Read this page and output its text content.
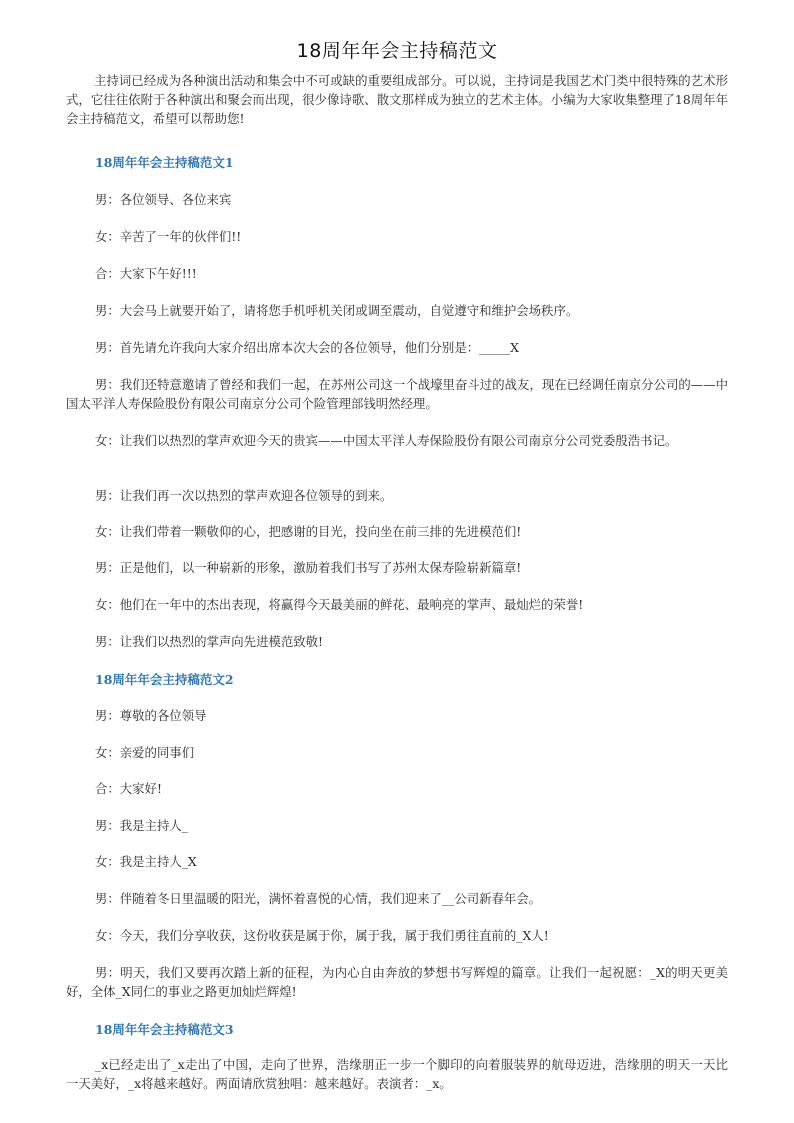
18周年年会主持稿范文

主持词已经成为各种演出活动和集会中不可或缺的重要组成部分。可以说，主持词是我国艺术门类中很特殊的艺术形式，它往往依附于各种演出和聚会而出现，很少像诗歌、散文那样成为独立的艺术主体。小编为大家收集整理了18周年年会主持稿范文，希望可以帮助您!

18周年年会主持稿范文1

男：各位领导、各位来宾

女：辛苦了一年的伙伴们!!

合：大家下午好!!!

男：大会马上就要开始了，请将您手机呼机关闭或调至震动，自觉遵守和维护会场秩序。

男：首先请允许我向大家介绍出席本次大会的各位领导，他们分别是：_____X

男：我们还特意邀请了曾经和我们一起，在苏州公司这一个战壕里奋斗过的战友，现在已经调任南京分公司的——中国太平洋人寿保险股份有限公司南京分公司个险管理部钱明然经理。

女：让我们以热烈的掌声欢迎今天的贵宾——中国太平洋人寿保险股份有限公司南京分公司党委殷浩书记。

男：让我们再一次以热烈的掌声欢迎各位领导的到来。

女：让我们带着一颗敬仰的心，把感谢的目光，投向坐在前三排的先进模范们!

男：正是他们，以一种崭新的形象，激励着我们书写了苏州太保寿险崭新篇章!

女：他们在一年中的杰出表现，将赢得今天最美丽的鲜花、最响亮的掌声、最灿烂的荣誉!

男：让我们以热烈的掌声向先进模范致敬!

18周年年会主持稿范文2

男：尊敬的各位领导

女：亲爱的同事们

合：大家好!

男：我是主持人_

女：我是主持人_X

男：伴随着冬日里温暖的阳光，满怀着喜悦的心情，我们迎来了__公司新春年会。

女：今天，我们分享收获，这份收获是属于你，属于我，属于我们勇往直前的_X人!

男：明天，我们又要再次踏上新的征程，为内心自由奔放的梦想书写辉煌的篇章。让我们一起祝愿：_X的明天更美好，全体_X同仁的事业之路更加灿烂辉煌!

18周年年会主持稿范文3

_x已经走出了_x走出了中国，走向了世界，浩缘朋正一步一个脚印的向着服装界的航母迈进，浩缘朋的明天一天比一天美好，_x将越来越好。两面请欣赏独唱：越来越好。表演者：_x。
